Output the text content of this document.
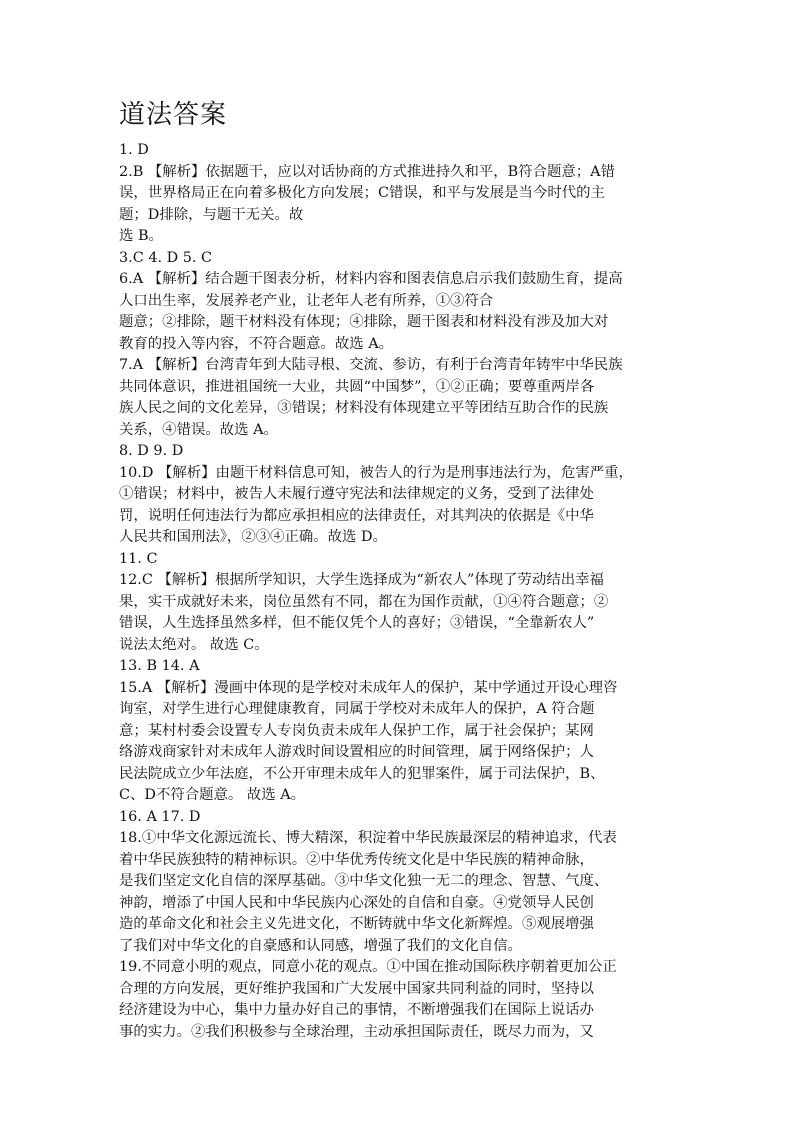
道法答案
1. D
2.B 【解析】依据题干，应以对话协商的方式推进持久和平，B符合题意；A错
误，世界格局正在向着多极化方向发展；C错误，和平与发展是当今时代的主
题；D排除，与题干无关。故
选 B。
3.C 4. D 5. C
6.A 【解析】结合题干图表分析，材料内容和图表信息启示我们鼓励生育，提高
人口出生率，发展养老产业，让老年人老有所养，①③符合
题意；②排除，题干材料没有体现；④排除，题干图表和材料没有涉及加大对
教育的投入等内容，不符合题意。故选 A。
7.A 【解析】台湾青年到大陆寻根、交流、参访，有利于台湾青年铸牢中华民族
共同体意识，推进祖国统一大业，共圆“中国梦”，①②正确；要尊重两岸各
族人民之间的文化差异，③错误；材料没有体现建立平等团结互助合作的民族
关系，④错误。故选 A。
8. D 9. D
10.D 【解析】由题干材料信息可知，被告人的行为是刑事违法行为，危害严重，
①错误；材料中，被告人未履行遵守宪法和法律规定的义务，受到了法律处
罚，说明任何违法行为都应承担相应的法律责任，对其判决的依据是《中华
人民共和国刑法》，②③④正确。故选 D。
11. C
12.C 【解析】根据所学知识，大学生选择成为“新农人”体现了劳动结出幸福
果，实干成就好未来，岗位虽然有不同，都在为国作贡献，①④符合题意；②
错误，人生选择虽然多样，但不能仅凭个人的喜好；③错误，“全靠新农人”
说法太绝对。 故选 C。
13. B 14. A
15.A 【解析】漫画中体现的是学校对未成年人的保护，某中学通过开设心理咨
询室，对学生进行心理健康教育，同属于学校对未成年人的保护，A 符合题
意；某村村委会设置专人专岗负责未成年人保护工作，属于社会保护；某网
络游戏商家针对未成年人游戏时间设置相应的时间管理，属于网络保护；人
民法院成立少年法庭，不公开审理未成年人的犯罪案件，属于司法保护，B、
C、D不符合题意。 故选 A。
16. A 17. D
18.①中华文化源远流长、博大精深，积淀着中华民族最深层的精神追求，代表
着中华民族独特的精神标识。②中华优秀传统文化是中华民族的精神命脉，
是我们坚定文化自信的深厚基础。③中华文化独一无二的理念、智慧、气度、
神韵，增添了中国人民和中华民族内心深处的自信和自豪。④党领导人民创
造的革命文化和社会主义先进文化，不断铸就中华文化新辉煌。⑤观展增强
了我们对中华文化的自豪感和认同感，增强了我们的文化自信。
19.不同意小明的观点，同意小花的观点。①中国在推动国际秩序朝着更加公正
合理的方向发展，更好维护我国和广大发展中国家共同利益的同时，坚持以
经济建设为中心，集中力量办好自己的事情，不断增强我们在国际上说话办
事的实力。②我们积极参与全球治理，主动承担国际责任，既尽力而为，又
